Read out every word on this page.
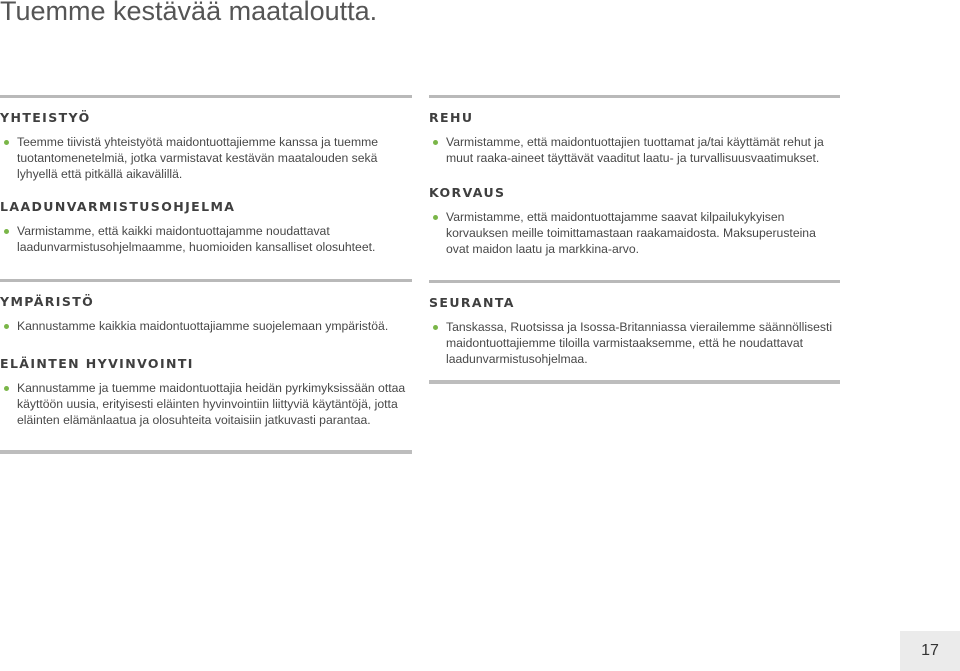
Tuemme kestävää maataloutta.
YHTEISTYÖ
Teemme tiivistä yhteistyötä maidontuottajiemme kanssa ja tuemme tuotantomenetelmiä, jotka varmistavat kestävän maatalouden sekä lyhyellä että pitkällä aikavälillä.
LAADUNVARMISTUSOHJELMA
Varmistamme, että kaikki maidontuottajamme noudattavat laadunvarmistusohjelmaamme, huomioiden kansalliset olosuhteet.
YMPÄRISTÖ
Kannustamme kaikkia maidontuottajiamme suojelemaan ympäristöä.
ELÄINTEN HYVINVOINTI
Kannustamme ja tuemme maidontuottajia heidän pyrkimyksissään ottaa käyttöön uusia, erityisesti eläinten hyvinvointiin liittyviä käytäntöjä, jotta eläinten elämänlaatua ja olosuhteita voitaisiin jatkuvasti parantaa.
REHU
Varmistamme, että maidontuottajien tuottamat ja/tai käyttämät rehut ja muut raaka-aineet täyttävät vaaditut laatu- ja turvallisuusvaatimukset.
KORVAUS
Varmistamme, että maidontuottajamme saavat kilpailukykyisen korvauksen meille toimittamastaan raakamaidosta. Maksuperusteina ovat maidon laatu ja markkina-arvo.
SEURANTA
Tanskassa, Ruotsissa ja Isossa-Britanniassa vierailemme säännöllisesti maidontuottajiemme tiloilla varmistaaksemme, että he noudattavat laadunvarmistusohjelmaa.
17
